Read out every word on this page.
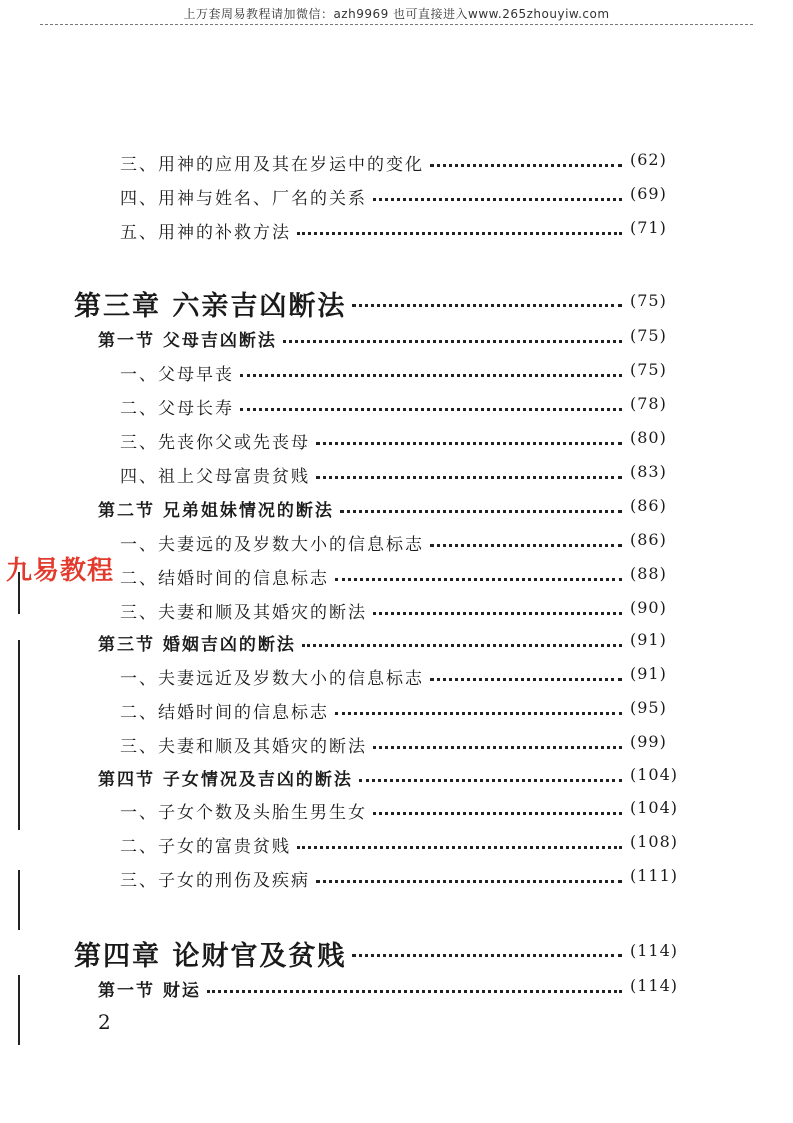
上万套周易教程请加微信：azh9969 也可直接进入www.265zhouyiw.com
三、用神的应用及其在岁运中的变化	(62)
四、用神与姓名、厂名的关系	(69)
五、用神的补救方法	(71)
第三章 六亲吉凶断法	(75)
第一节 父母吉凶断法	(75)
一、父母早丧	(75)
二、父母长寿	(78)
三、先丧你父或先丧母	(80)
四、祖上父母富贵贫贱	(83)
第二节 兄弟姐妹情况的断法	(86)
一、夫妻远的及岁数大小的信息标志	(86)
二、结婚时间的信息标志	(88)
三、夫妻和顺及其婚灾的断法	(90)
第三节 婚姻吉凶的断法	(91)
一、夫妻远近及岁数大小的信息标志	(91)
二、结婚时间的信息标志	(95)
三、夫妻和顺及其婚灾的断法	(99)
第四节 子女情况及吉凶的断法	(104)
一、子女个数及头胎生男生女	(104)
二、子女的富贵贫贱	(108)
三、子女的刑伤及疾病	(111)
第四章 论财官及贫贱	(114)
第一节 财运	(114)
九易教程
2
